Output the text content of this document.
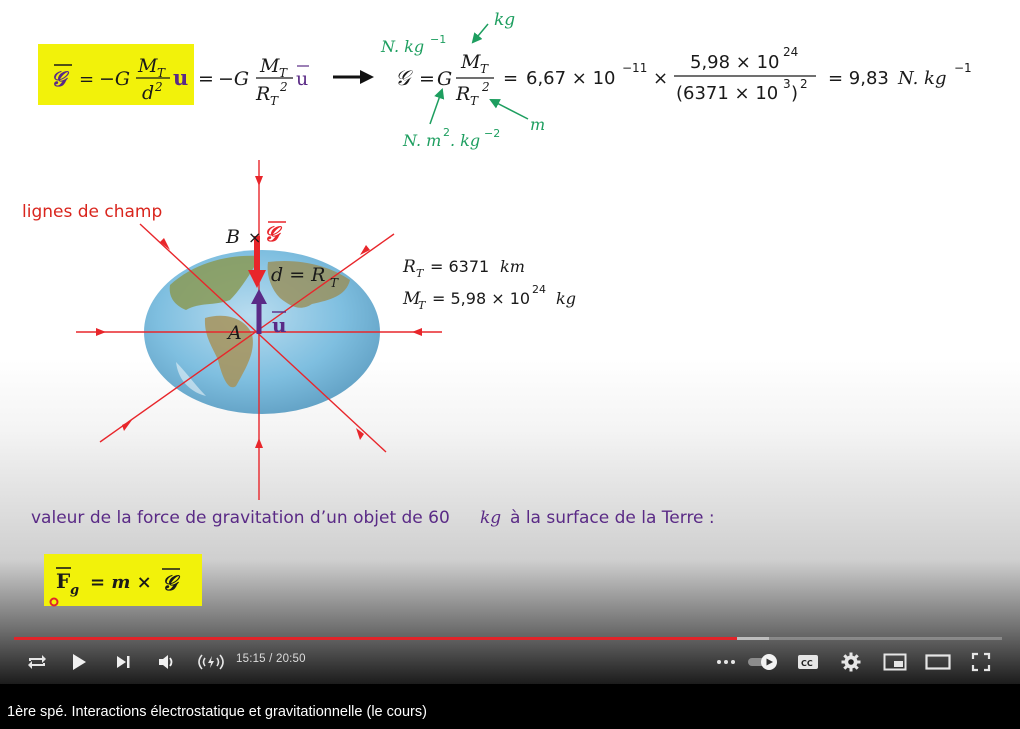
𝒢 = −G
M T
d 2 u = −G
M T
R T
2 u	𝒢 = G
M T
R T
2 = 6,67 × 10 −11 ×
5,98 × 10 24
(6371 × 10 3 ) 2 = 9,83 N. kg −1
kg
N. kg −1
N. m 2 . kg −2 m
lignes de champ
B × 𝒢
d = R T
A u
R T = 6371 km
M
T = 5,98 × 10 24 kg
valeur de la force de gravitation d’un objet de 60 kg à la surface de la Terre :
F g = m × 𝒢
15:15 / 20:50	CC
1ère spé. Interactions électrostatique et gravitationnelle (le cours)
